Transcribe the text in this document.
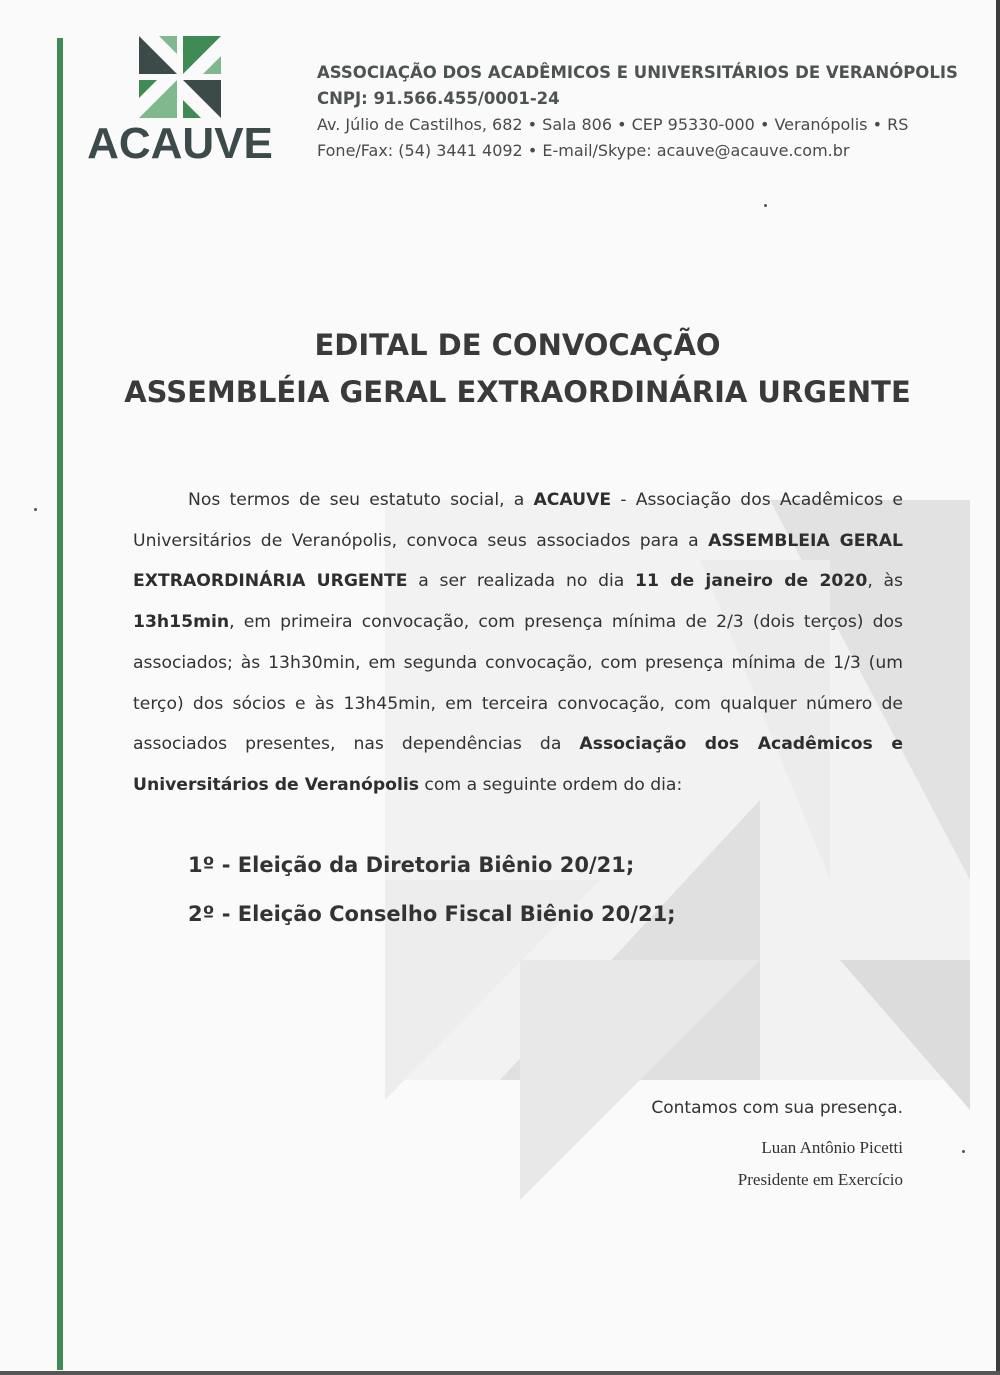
ACAUVE
ASSOCIAÇÃO DOS ACADÊMICOS E UNIVERSITÁRIOS DE VERANÓPOLIS
CNPJ: 91.566.455/0001-24
Av. Júlio de Castilhos, 682 • Sala 806 • CEP 95330-000 • Veranópolis • RS
Fone/Fax: (54) 3441 4092 • E-mail/Skype: acauve@acauve.com.br
EDITAL DE CONVOCAÇÃO
ASSEMBLÉIA GERAL EXTRAORDINÁRIA URGENTE
Nos termos de seu estatuto social, a ACAUVE - Associação dos Acadêmicos e Universitários de Veranópolis, convoca seus associados para a ASSEMBLEIA GERAL EXTRAORDINÁRIA URGENTE a ser realizada no dia 11 de janeiro de 2020, às 13h15min, em primeira convocação, com presença mínima de 2/3 (dois terços) dos associados; às 13h30min, em segunda convocação, com presença mínima de 1/3 (um terço) dos sócios e às 13h45min, em terceira convocação, com qualquer número de associados presentes, nas dependências da Associação dos Acadêmicos e Universitários de Veranópolis com a seguinte ordem do dia:
1º - Eleição da Diretoria Biênio 20/21;
2º - Eleição Conselho Fiscal Biênio 20/21;
Contamos com sua presença.
Luan Antônio Picetti
Presidente em Exercício
